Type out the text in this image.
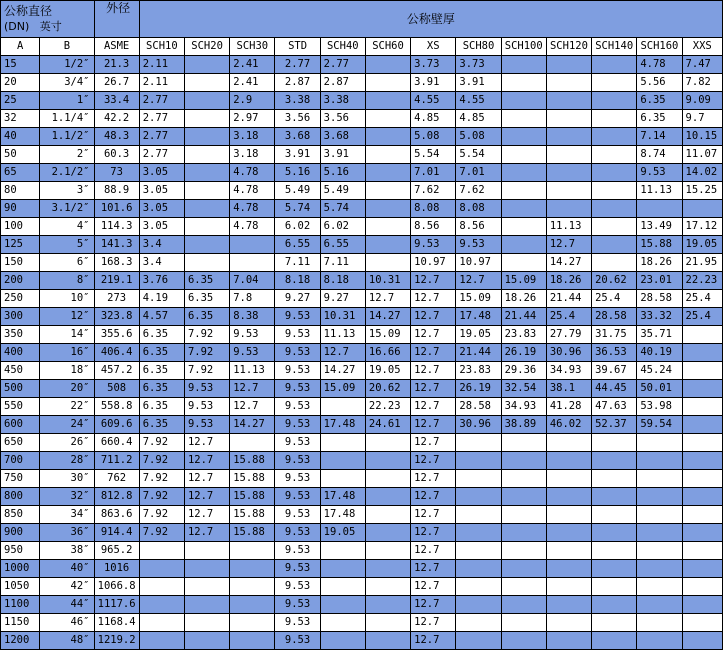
公称直径
(DN) 英寸		外径	公称壁厚												
A	B	ASME	SCH10	SCH20	SCH30	STD	SCH40	SCH60	XS	SCH80	SCH100	SCH120	SCH140	SCH160	XXS
15	1/2″	21.3	2.11		2.41	2.77	2.77		3.73	3.73				4.78	7.47
20	3/4″	26.7	2.11		2.41	2.87	2.87		3.91	3.91				5.56	7.82
25	1″	33.4	2.77		2.9	3.38	3.38		4.55	4.55				6.35	9.09
32	1.1/4″	42.2	2.77		2.97	3.56	3.56		4.85	4.85				6.35	9.7
40	1.1/2″	48.3	2.77		3.18	3.68	3.68		5.08	5.08				7.14	10.15
50	2″	60.3	2.77		3.18	3.91	3.91		5.54	5.54				8.74	11.07
65	2.1/2″	73	3.05		4.78	5.16	5.16		7.01	7.01				9.53	14.02
80	3″	88.9	3.05		4.78	5.49	5.49		7.62	7.62				11.13	15.25
90	3.1/2″	101.6	3.05		4.78	5.74	5.74		8.08	8.08					
100	4″	114.3	3.05		4.78	6.02	6.02		8.56	8.56		11.13		13.49	17.12
125	5″	141.3	3.4			6.55	6.55		9.53	9.53		12.7		15.88	19.05
150	6″	168.3	3.4			7.11	7.11		10.97	10.97		14.27		18.26	21.95
200	8″	219.1	3.76	6.35	7.04	8.18	8.18	10.31	12.7	12.7	15.09	18.26	20.62	23.01	22.23
250	10″	273	4.19	6.35	7.8	9.27	9.27	12.7	12.7	15.09	18.26	21.44	25.4	28.58	25.4
300	12″	323.8	4.57	6.35	8.38	9.53	10.31	14.27	12.7	17.48	21.44	25.4	28.58	33.32	25.4
350	14″	355.6	6.35	7.92	9.53	9.53	11.13	15.09	12.7	19.05	23.83	27.79	31.75	35.71	
400	16″	406.4	6.35	7.92	9.53	9.53	12.7	16.66	12.7	21.44	26.19	30.96	36.53	40.19	
450	18″	457.2	6.35	7.92	11.13	9.53	14.27	19.05	12.7	23.83	29.36	34.93	39.67	45.24	
500	20″	508	6.35	9.53	12.7	9.53	15.09	20.62	12.7	26.19	32.54	38.1	44.45	50.01	
550	22″	558.8	6.35	9.53	12.7	9.53		22.23	12.7	28.58	34.93	41.28	47.63	53.98	
600	24″	609.6	6.35	9.53	14.27	9.53	17.48	24.61	12.7	30.96	38.89	46.02	52.37	59.54	
650	26″	660.4	7.92	12.7		9.53			12.7						
700	28″	711.2	7.92	12.7	15.88	9.53			12.7						
750	30″	762	7.92	12.7	15.88	9.53			12.7						
800	32″	812.8	7.92	12.7	15.88	9.53	17.48		12.7						
850	34″	863.6	7.92	12.7	15.88	9.53	17.48		12.7						
900	36″	914.4	7.92	12.7	15.88	9.53	19.05		12.7						
950	38″	965.2				9.53			12.7						
1000	40″	1016				9.53			12.7						
1050	42″	1066.8				9.53			12.7						
1100	44″	1117.6				9.53			12.7						
1150	46″	1168.4				9.53			12.7						
1200	48″	1219.2				9.53			12.7						
